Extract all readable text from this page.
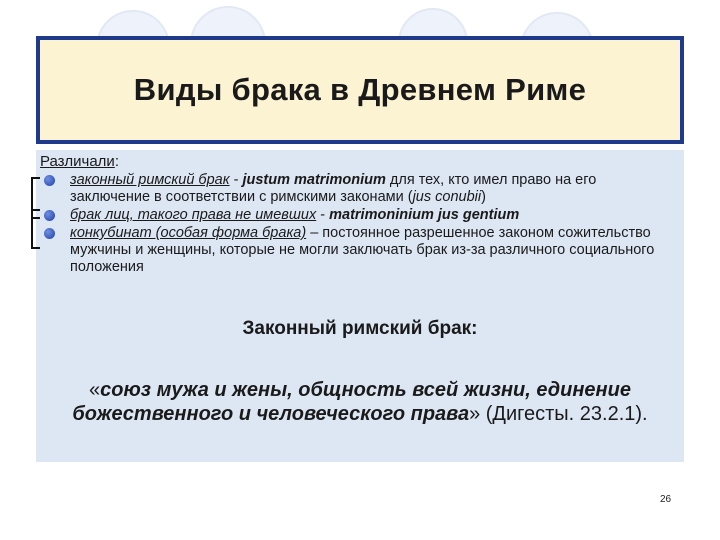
Виды брака в Древнем Риме
Различали:
законный римский брак - justum matrimonium для тех, кто имел право на его заключение в соответствии с римскими законами (jus conubii)
брак лиц, такого права не имевших - matrimoninium jus gentium
конкубинат (особая форма брака) – постоянное разрешенное законом сожительство мужчины и женщины, которые не могли заключать брак из-за различного социального положения
Законный римский брак:
«союз мужа и жены, общность всей жизни, единение божественного и человеческого права» (Дигесты. 23.2.1).
26
